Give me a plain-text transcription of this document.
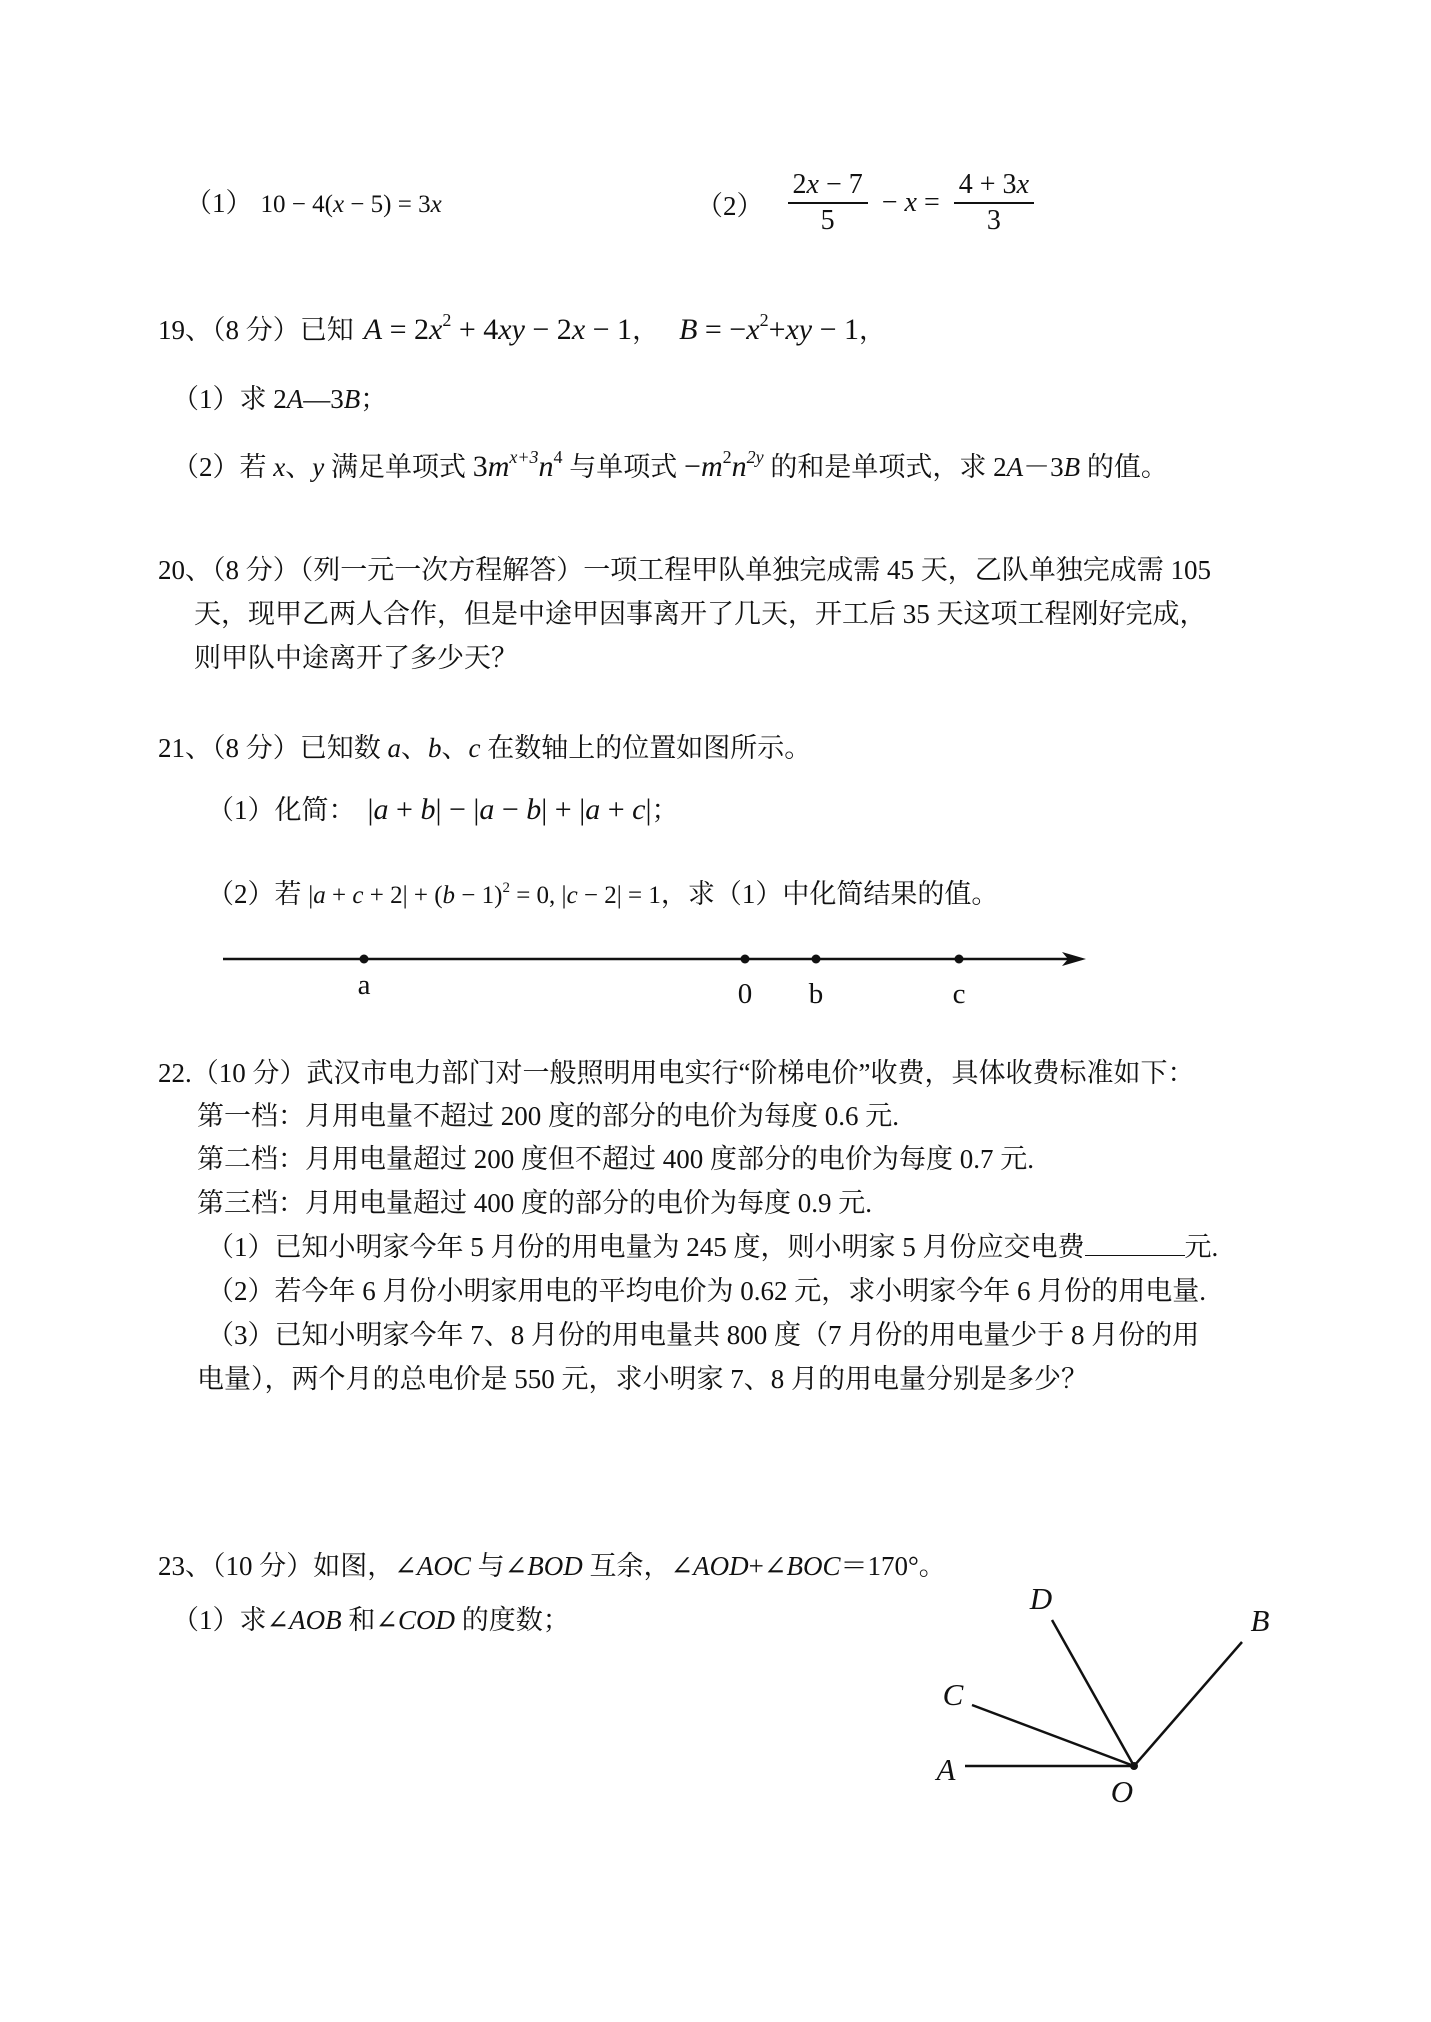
（1） 10 − 4(x − 5) = 3x	$(2) \frac{2x - 7}{5} - x = \frac{4 + 3x}{3}$
19、（8 分）已知 $A = 2x^2 + 4xy - 2x - 1$， $B = -x^2+xy - 1$，
（1）求 2A—3B；
（2）若 x、y 满足单项式 $3m^{x+3}n^4$ 与单项式 $-m^2n^{2y}$ 的和是单项式，求 2A－3B 的值。
20、（8 分）（列一元一次方程解答）一项工程甲队单独完成需 45 天，乙队单独完成需 105
天，现甲乙两人合作，但是中途甲因事离开了几天，开工后 35 天这项工程刚好完成，
则甲队中途离开了多少天？
21、（8 分）已知数 a、b、c 在数轴上的位置如图所示。
（1）化简： |a + b| − |a − b| + |a + c|；
（2）若 $|a + c + 2| + (b - 1)^2 = 0$, |c − 2| = 1，求（1）中化简结果的值。
a	0 b	c
22.（10 分）武汉市电力部门对一般照明用电实行“阶梯电价”收费，具体收费标准如下：
第一档：月用电量不超过 200 度的部分的电价为每度 0.6 元.
第二档：月用电量超过 200 度但不超过 400 度部分的电价为每度 0.7 元.
第三档：月用电量超过 400 度的部分的电价为每度 0.9 元.
（1）已知小明家今年 5 月份的用电量为 245 度，则小明家 5 月份应交电费	元.
（2）若今年 6 月份小明家用电的平均电价为 0.62 元，求小明家今年 6 月份的用电量.
（3）已知小明家今年 7、8 月份的用电量共 800 度（7 月份的用电量少于 8 月份的用
电量），两个月的总电价是 550 元，求小明家 7、8 月的用电量分别是多少？
23、（10 分）如图，∠AOC 与∠BOD 互余，∠AOD+∠BOC＝170°。
（1）求∠AOB 和∠COD 的度数；
A
C
D
B
O
